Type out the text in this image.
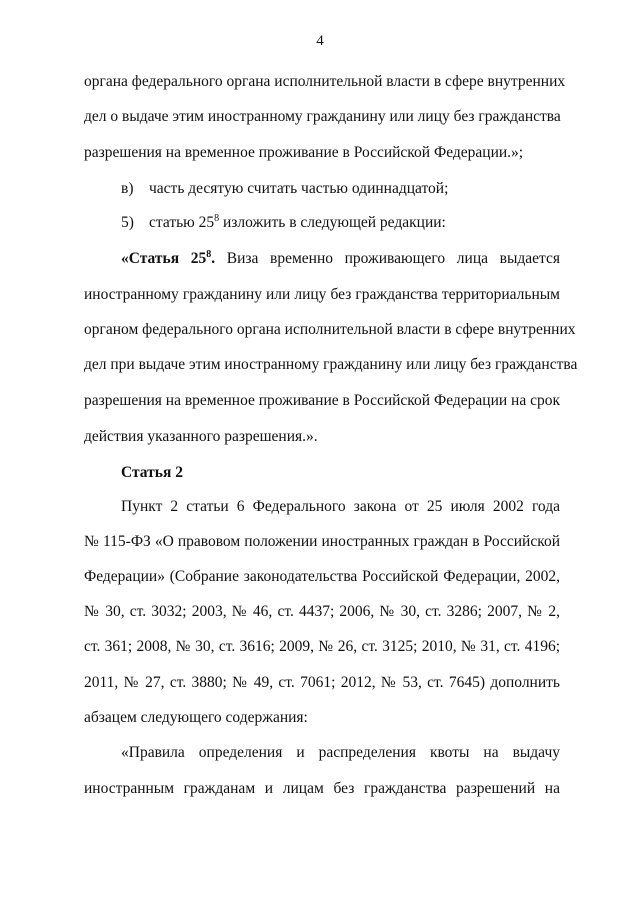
4
органа федерального органа исполнительной власти в сфере внутренних
дел о выдаче этим иностранному гражданину или лицу без гражданства
разрешения на временное проживание в Российской Федерации.»;
в) часть десятую считать частью одиннадцатой;
5) статью $25^8$ изложить в следующей редакции:
«Статья $25^8$. Виза временно проживающего лица выдается
иностранному гражданину или лицу без гражданства территориальным
органом федерального органа исполнительной власти в сфере внутренних
дел при выдаче этим иностранному гражданину или лицу без гражданства
разрешения на временное проживание в Российской Федерации на срок
действия указанного разрешения.».
Статья 2
Пункт 2 статьи 6 Федерального закона от 25 июля 2002 года
№ 115-ФЗ «О правовом положении иностранных граждан в Российской
Федерации» (Собрание законодательства Российской Федерации, 2002,
№ 30, ст. 3032; 2003, № 46, ст. 4437; 2006, № 30, ст. 3286; 2007, № 2,
ст. 361; 2008, № 30, ст. 3616; 2009, № 26, ст. 3125; 2010, № 31, ст. 4196;
2011, № 27, ст. 3880; № 49, ст. 7061; 2012, № 53, ст. 7645) дополнить
абзацем следующего содержания:
«Правила определения и распределения квоты на выдачу
иностранным гражданам и лицам без гражданства разрешений на
